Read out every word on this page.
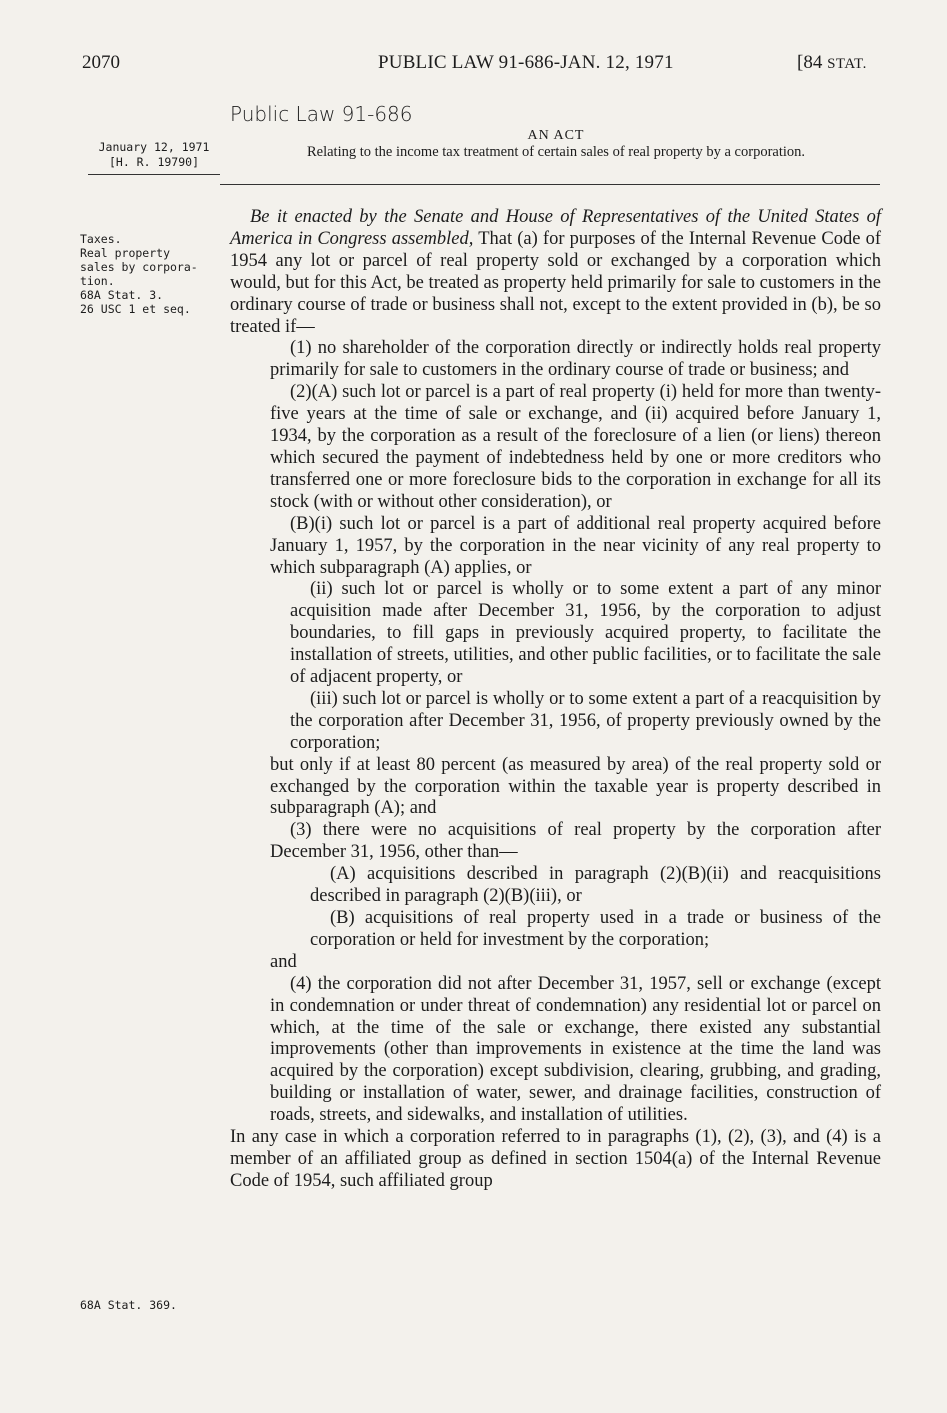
2070	PUBLIC LAW 91-686-JAN. 12, 1971	[84 STAT.
Public Law 91-686
January 12, 1971
[H. R. 19790]
AN ACT
Relating to the income tax treatment of certain sales of real property by a corporation.
Taxes.
Real property
sales by corpora-
tion.
68A Stat. 3.
26 USC 1 et seq.
68A Stat. 369.

Be it enacted by the Senate and House of Representatives of the United States of America in Congress assembled, That (a) for purposes of the Internal Revenue Code of 1954 any lot or parcel of real property sold or exchanged by a corporation which would, but for this Act, be treated as property held primarily for sale to customers in the ordinary course of trade or business shall not, except to the extent provided in (b), be so treated if—

(1) no shareholder of the corporation directly or indirectly holds real property primarily for sale to customers in the ordinary course of trade or business; and

(2)(A) such lot or parcel is a part of real property (i) held for more than twenty-five years at the time of sale or exchange, and (ii) acquired before January 1, 1934, by the corporation as a result of the foreclosure of a lien (or liens) thereon which secured the payment of indebtedness held by one or more creditors who transferred one or more foreclosure bids to the corporation in exchange for all its stock (with or without other consideration), or

(B)(i) such lot or parcel is a part of additional real property acquired before January 1, 1957, by the corporation in the near vicinity of any real property to which subparagraph (A) applies, or

(ii) such lot or parcel is wholly or to some extent a part of any minor acquisition made after December 31, 1956, by the corporation to adjust boundaries, to fill gaps in previously acquired property, to facilitate the installation of streets, utilities, and other public facilities, or to facilitate the sale of adjacent property, or

(iii) such lot or parcel is wholly or to some extent a part of a reacquisition by the corporation after December 31, 1956, of property previously owned by the corporation;

but only if at least 80 percent (as measured by area) of the real property sold or exchanged by the corporation within the taxable year is property described in subparagraph (A); and

(3) there were no acquisitions of real property by the corporation after December 31, 1956, other than—

(A) acquisitions described in paragraph (2)(B)(ii) and reacquisitions described in paragraph (2)(B)(iii), or

(B) acquisitions of real property used in a trade or business of the corporation or held for investment by the corporation;

and

(4) the corporation did not after December 31, 1957, sell or exchange (except in condemnation or under threat of condemnation) any residential lot or parcel on which, at the time of the sale or exchange, there existed any substantial improvements (other than improvements in existence at the time the land was acquired by the corporation) except subdivision, clearing, grubbing, and grading, building or installation of water, sewer, and drainage facilities, construction of roads, streets, and sidewalks, and installation of utilities.

In any case in which a corporation referred to in paragraphs (1), (2), (3), and (4) is a member of an affiliated group as defined in section 1504(a) of the Internal Revenue Code of 1954, such affiliated group
